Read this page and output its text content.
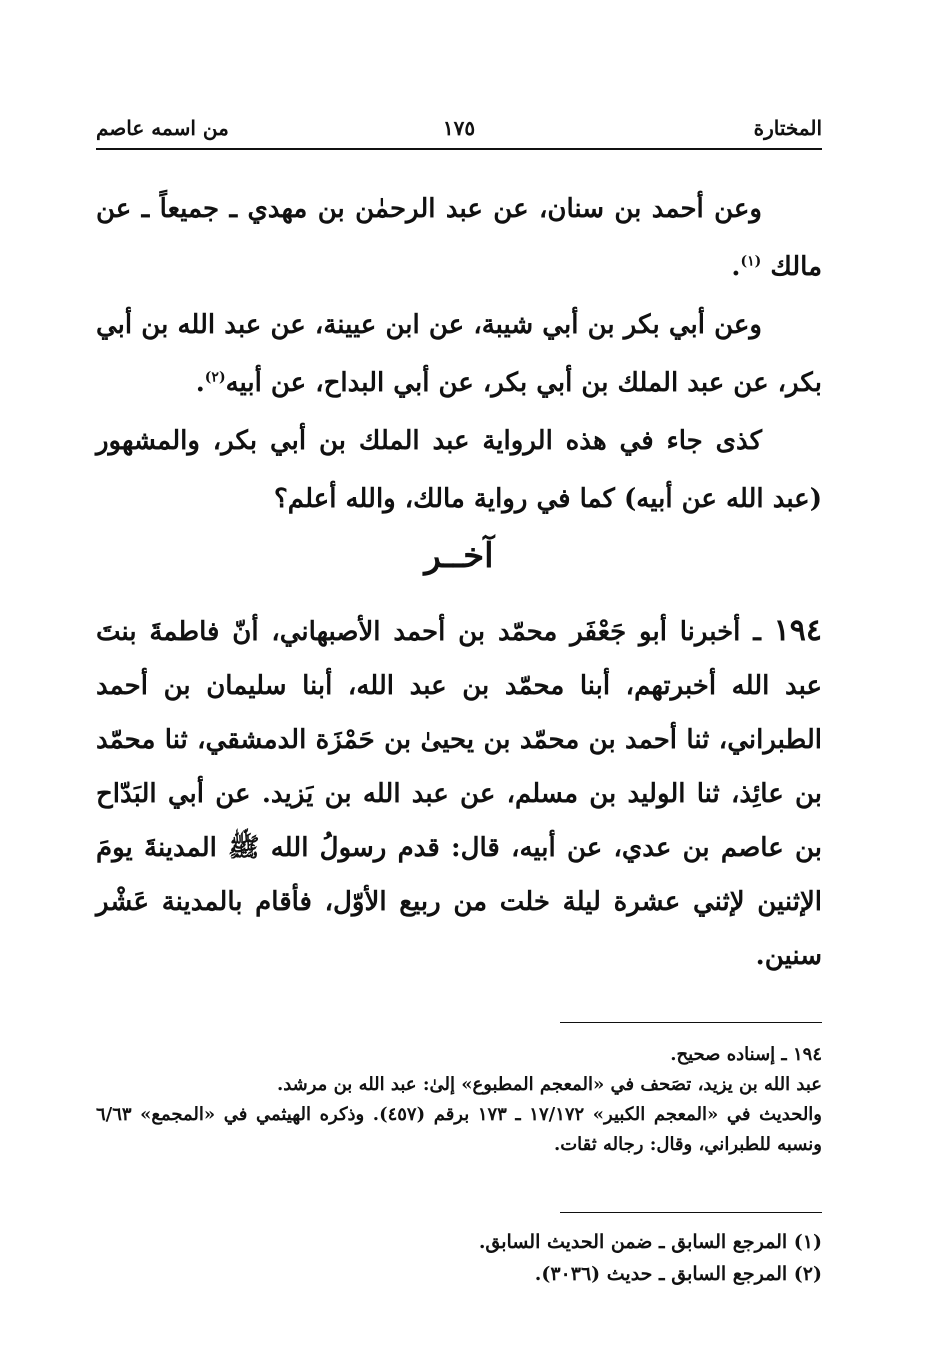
المختارة
١٧٥
من اسمه عاصم

وعن أحمد بن سنان، عن عبد الرحمٰن بن مهدي ـ جميعاً ـ عن مالك $^{(١)}$.

وعن أبي بكر بن أبي شيبة، عن ابن عيينة، عن عبد الله بن أبي بكر، عن عبد الملك بن أبي بكر، عن أبي البداح، عن أبيه$^{(٢)}$.

كذى جاء في هذه الرواية عبد الملك بن أبي بكر، والمشهور (عبد الله عن أبيه) كما في رواية مالك، والله أعلم؟

آخــر

١٩٤ ـ أخبرنا أبو جَعْفَر محمّد بن أحمد الأصبهاني، أنّ فاطمةَ بنتَ عبد الله أخبرتهم، أبنا محمّد بن عبد الله، أبنا سليمان بن أحمد الطبراني، ثنا أحمد بن محمّد بن يحيىٰ بن حَمْزَة الدمشقي، ثنا محمّد بن عائِذ، ثنا الوليد بن مسلم، عن عبد الله بن يَزيد. عن أبي البَدّاح بن عاصم بن عدي، عن أبيه، قال: قدم رسولُ الله ﷺ المدينةَ يومَ الإثنين لإثني عشرة ليلة خلت من ربيع الأوّل، فأقام بالمدينة عَشْر سنين.

١٩٤ ـ إسناده صحيح.

عبد الله بن يزيد، تصَحف في «المعجم المطبوع» إلىٰ: عبد الله بن مرشد.

والحديث في «المعجم الكبير» ١٧/١٧٢ ـ ١٧٣ برقم (٤٥٧). وذكره الهيثمي في «المجمع» ٦/٦٣ ونسبه للطبراني، وقال: رجاله ثقات.

(١) المرجع السابق ـ ضمن الحديث السابق.

(٢) المرجع السابق ـ حديث (٣٠٣٦).
